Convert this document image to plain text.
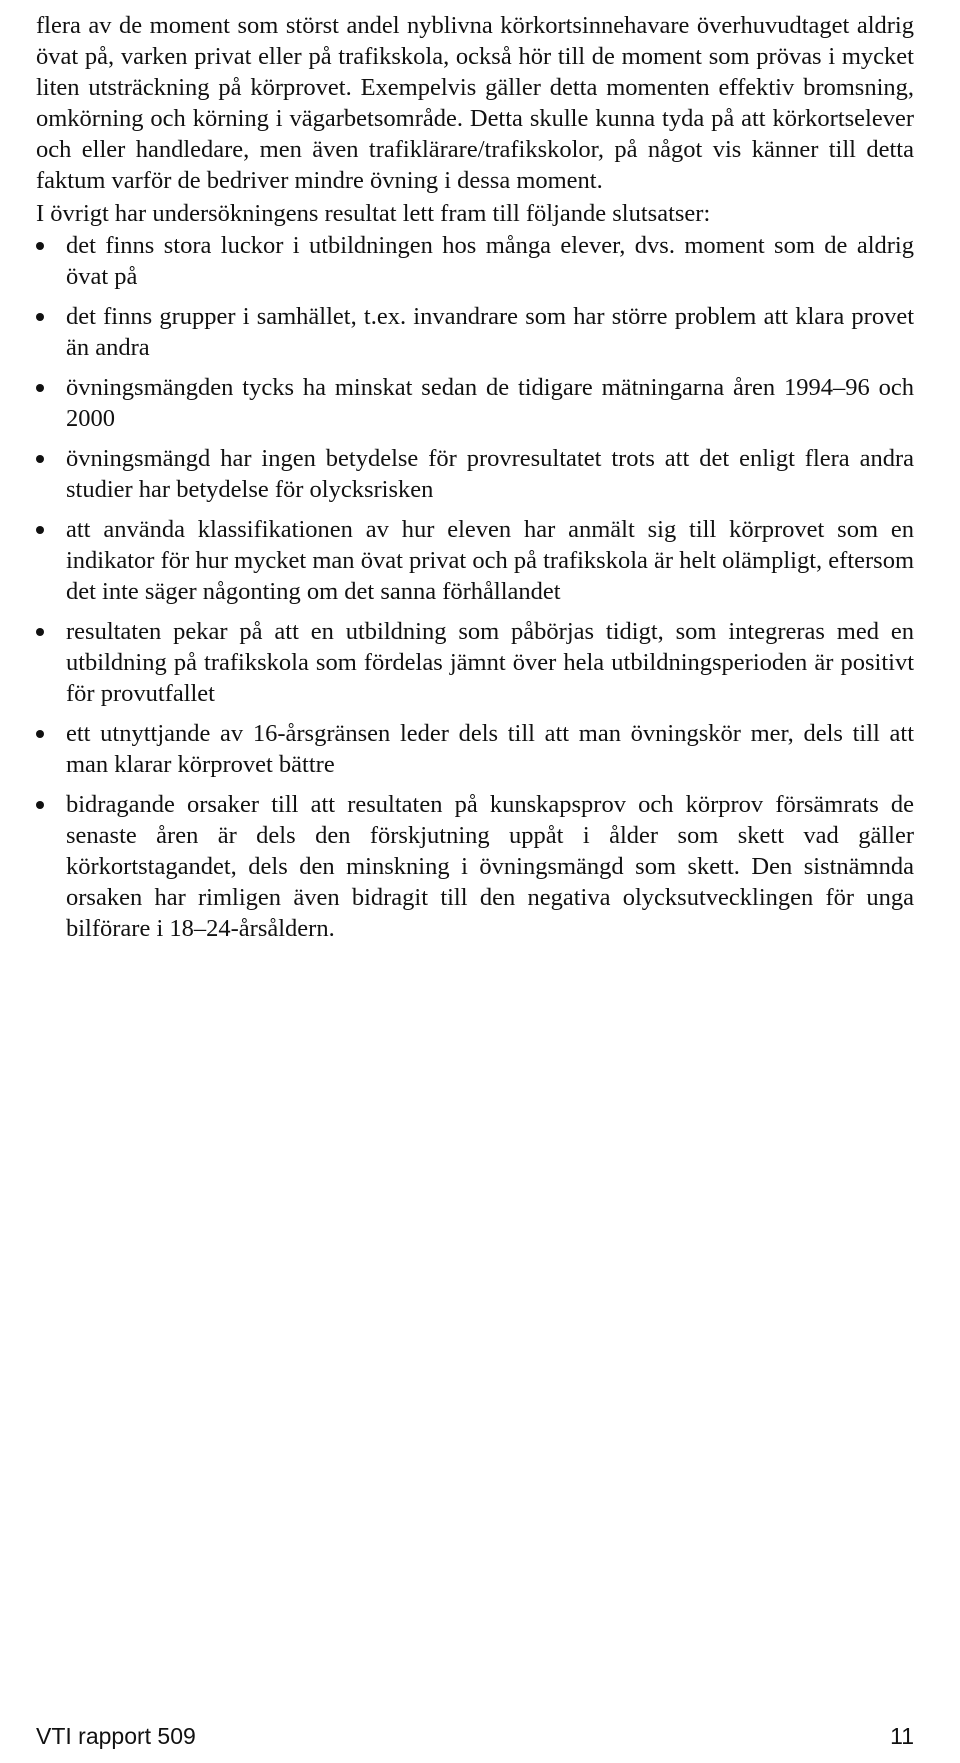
flera av de moment som störst andel nyblivna körkortsinnehavare överhuvudtaget aldrig övat på, varken privat eller på trafikskola, också hör till de moment som prövas i mycket liten utsträckning på körprovet. Exempelvis gäller detta momenten effektiv bromsning, omkörning och körning i vägarbetsområde. Detta skulle kunna tyda på att körkortselever och eller handledare, men även trafiklärare/trafikskolor, på något vis känner till detta faktum varför de bedriver mindre övning i dessa moment.

I övrigt har undersökningens resultat lett fram till följande slutsatser:

det finns stora luckor i utbildningen hos många elever, dvs. moment som de aldrig övat på
det finns grupper i samhället, t.ex. invandrare som har större problem att klara provet än andra
övningsmängden tycks ha minskat sedan de tidigare mätningarna åren 1994–96 och 2000
övningsmängd har ingen betydelse för provresultatet trots att det enligt flera andra studier har betydelse för olycksrisken
att använda klassifikationen av hur eleven har anmält sig till körprovet som en indikator för hur mycket man övat privat och på trafikskola är helt olämpligt, eftersom det inte säger någonting om det sanna förhållandet
resultaten pekar på att en utbildning som påbörjas tidigt, som integreras med en utbildning på trafikskola som fördelas jämnt över hela utbildningsperioden är positivt för provutfallet
ett utnyttjande av 16-årsgränsen leder dels till att man övningskör mer, dels till att man klarar körprovet bättre
bidragande orsaker till att resultaten på kunskapsprov och körprov försämrats de senaste åren är dels den förskjutning uppåt i ålder som skett vad gäller körkortstagandet, dels den minskning i övningsmängd som skett. Den sistnämnda orsaken har rimligen även bidragit till den negativa olycksutvecklingen för unga bilförare i 18–24-årsåldern.
VTI rapport 509	11
